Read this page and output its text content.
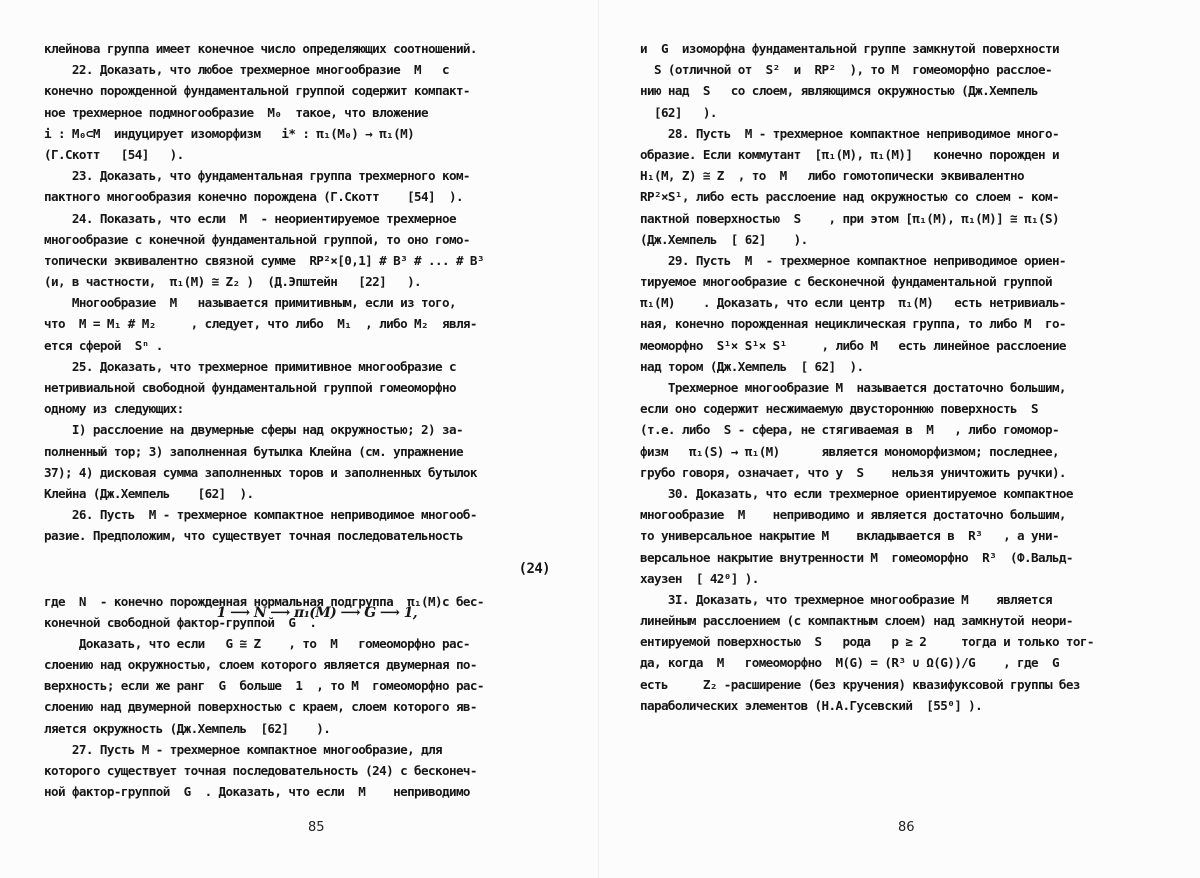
клейнова группа имеет конечное число определяющих соотношений.
22. Доказать, что любое трехмерное многообразие  M   с
конечно порожденной фундаментальной группой содержит компакт-
ное трехмерное подмногообразие  M₀  такое, что вложение
i : M₀⊂M  индуцирует изоморфизм   i* : π₁(M₀) → π₁(M)
(Г.Скотт   [54]   ).
23. Доказать, что фундаментальная группа трехмерного ком-
пактного многообразия конечно порождена (Г.Скотт    [54]  ).
24. Показать, что если  M  - неориентируемое трехмерное
многообразие с конечной фундаментальной группой, то оно гомо-
топически эквивалентно связной сумме  RP²×[0,1] # B³ # ... # B³
(и, в частности,  π₁(M) ≅ Z₂ )  (Д.Эпштейн   [22]   ).
Многообразие  M   называется примитивным, если из того,
что  M = M₁ # M₂     , следует, что либо  M₁  , либо M₂  явля-
ется сферой  Sⁿ .
25. Доказать, что трехмерное примитивное многообразие с
нетривиальной свободной фундаментальной группой гомеоморфно
одному из следующих:
I) расслоение на двумерные сферы над окружностью; 2) за-
полненный тор; 3) заполненная бутылка Клейна (см. упражнение
37); 4) дисковая сумма заполненных торов и заполненных бутылок
Клейна (Дж.Хемпель    [62]  ).
26. Пусть  M - трехмерное компактное неприводимое многооб-
разие. Предположим, что существует точная последовательность

1 ⟶ N ⟶ π₁(M) ⟶ G ⟶ 1,

(24)

где  N  - конечно порожденная нормальная подгруппа  π₁(M)с бес-
конечной свободной фактор-группой  G  .
Доказать, что если   G ≅ Z    , то  M   гомеоморфно рас-
слоению над окружностью, слоем которого является двумерная по-
верхность; если же ранг  G  больше  1  , то M  гомеоморфно рас-
слоению над двумерной поверхностью с краем, слоем которого яв-
ляется окружность (Дж.Хемпель  [62]    ).
27. Пусть M - трехмерное компактное многообразие, для
которого существует точная последовательность (24) с бесконеч-
ной фактор-группой  G  . Доказать, что если  M    неприводимо
85
и  G  изоморфна фундаментальной группе замкнутой поверхности
S (отличной от  S²  и  RP²  ), то M  гомеоморфно расслое-
нию над  S   со слоем, являющимся окружностью (Дж.Хемпель
[62]   ).
28. Пусть  M - трехмерное компактное неприводимое много-
образие. Если коммутант  [π₁(M), π₁(M)]   конечно порожден и
H₁(M, Z) ≅ Z  , то  M   либо гомотопически эквивалентно
RP²×S¹, либо есть расслоение над окружностью со слоем - ком-
пактной поверхностью  S    , при этом [π₁(M), π₁(M)] ≅ π₁(S)
(Дж.Хемпель  [ 62]    ).
29. Пусть  M  - трехмерное компактное неприводимое ориен-
тируемое многообразие с бесконечной фундаментальной группой
π₁(M)    . Доказать, что если центр  π₁(M)   есть нетривиаль-
ная, конечно порожденная нециклическая группа, то либо M  го-
меоморфно  S¹× S¹× S¹     , либо M   есть линейное расслоение
над тором (Дж.Хемпель  [ 62]  ).
Трехмерное многообразие M  называется достаточно большим,
если оно содержит несжимаемую двустороннюю поверхность  S
(т.е. либо  S - сфера, не стягиваемая в  M   , либо гомомор-
физм   π₁(S) → π₁(M)      является мономорфизмом; последнее,
грубо говоря, означает, что у  S    нельзя уничтожить ручки).
30. Доказать, что если трехмерное ориентируемое компактное
многообразие  M    неприводимо и является достаточно большим,
то универсальное накрытие M    вкладывается в  R³   , а уни-
версальное накрытие внутренности M  гомеоморфно  R³  (Ф.Вальд-
хаузен  [ 42⁰] ).
3I. Доказать, что трехмерное многообразие M    является
линейным расслоением (с компактным слоем) над замкнутой неори-
ентируемой поверхностью  S   рода   p ≥ 2     тогда и только тог-
да, когда  M   гомеоморфно  M(G) = (R³ ∪ Ω(G))/G    , где  G
есть     Z₂ -расширение (без кручения) квазифуксовой группы без
параболических элементов (Н.А.Гусевский  [55⁰] ).
86
